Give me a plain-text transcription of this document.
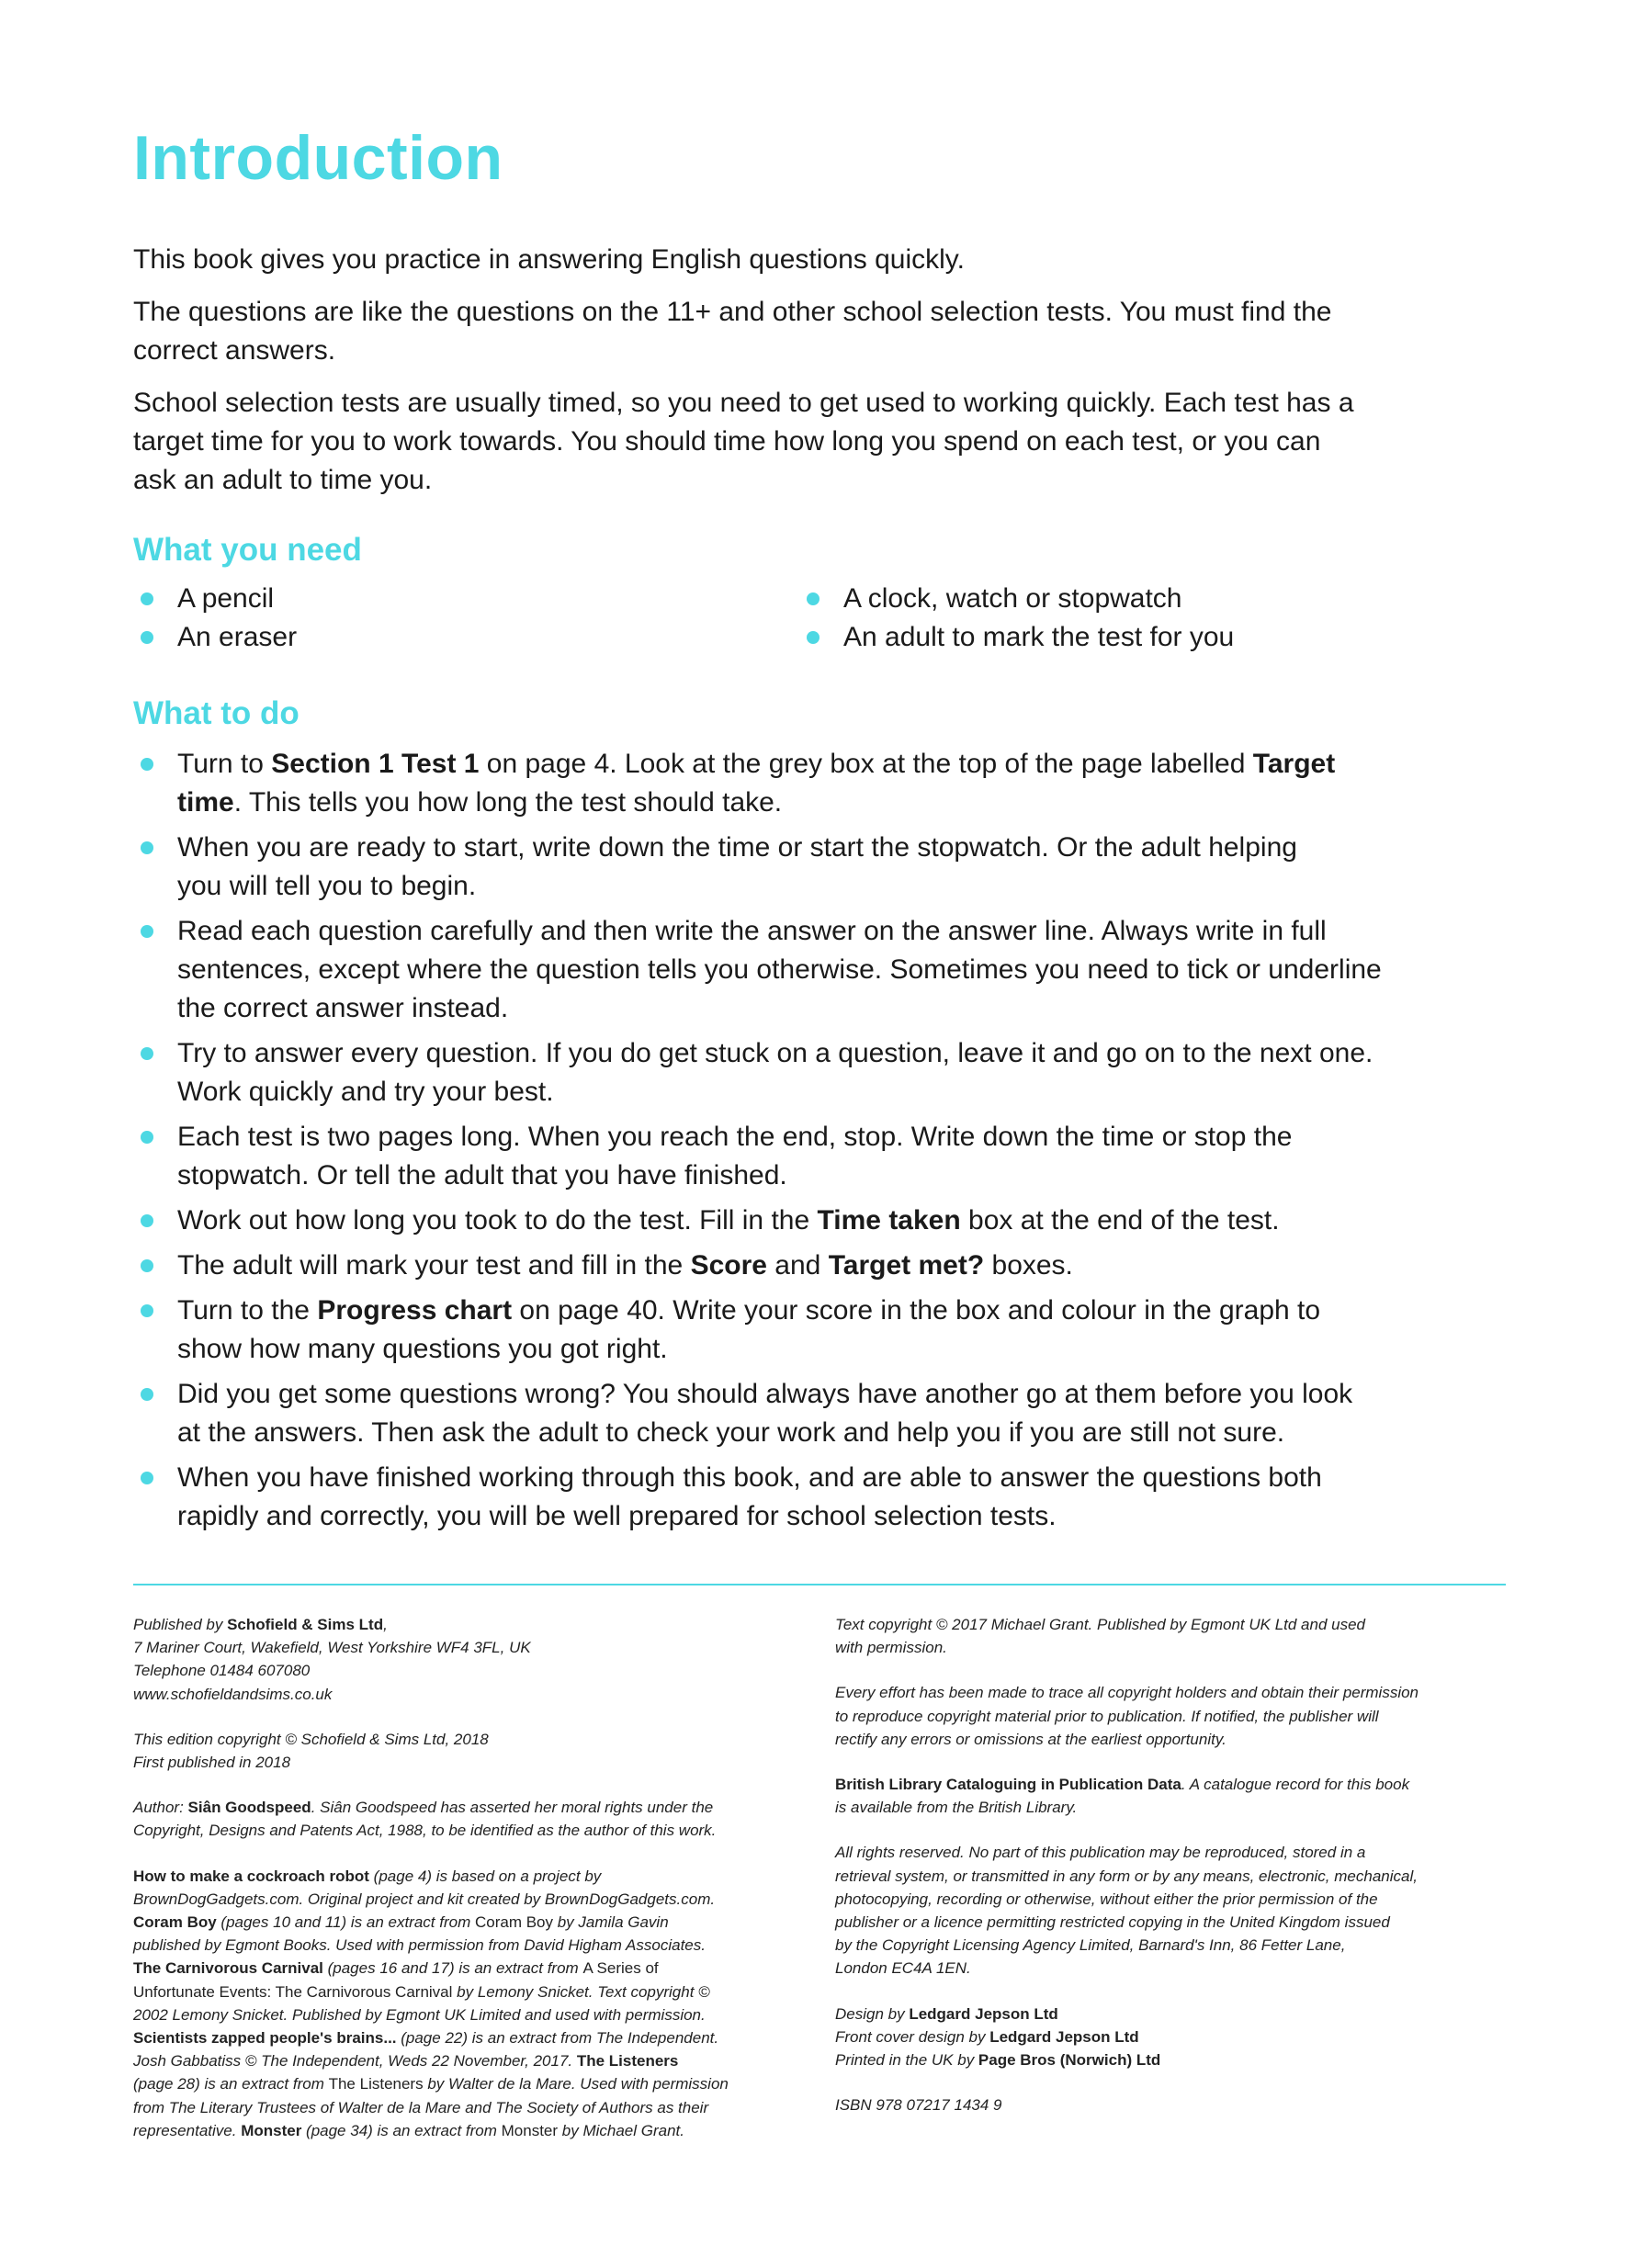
Introduction
This book gives you practice in answering English questions quickly.
The questions are like the questions on the 11+ and other school selection tests. You must find the
correct answers.
School selection tests are usually timed, so you need to get used to working quickly. Each test has a
target time for you to work towards. You should time how long you spend on each test, or you can
ask an adult to time you.
What you need
A pencil
An eraser
A clock, watch or stopwatch
An adult to mark the test for you
What to do
Turn to Section 1 Test 1 on page 4. Look at the grey box at the top of the page labelled Target
time. This tells you how long the test should take.
When you are ready to start, write down the time or start the stopwatch. Or the adult helping
you will tell you to begin.
Read each question carefully and then write the answer on the answer line. Always write in full
sentences, except where the question tells you otherwise. Sometimes you need to tick or underline
the correct answer instead.
Try to answer every question. If you do get stuck on a question, leave it and go on to the next one.
Work quickly and try your best.
Each test is two pages long. When you reach the end, stop. Write down the time or stop the
stopwatch. Or tell the adult that you have finished.
Work out how long you took to do the test. Fill in the Time taken box at the end of the test.
The adult will mark your test and fill in the Score and Target met? boxes.
Turn to the Progress chart on page 40. Write your score in the box and colour in the graph to
show how many questions you got right.
Did you get some questions wrong? You should always have another go at them before you look
at the answers. Then ask the adult to check your work and help you if you are still not sure.
When you have finished working through this book, and are able to answer the questions both
rapidly and correctly, you will be well prepared for school selection tests.
Published by Schofield & Sims Ltd,
7 Mariner Court, Wakefield, West Yorkshire WF4 3FL, UK
Telephone 01484 607080
www.schofieldandsims.co.uk
This edition copyright © Schofield & Sims Ltd, 2018
First published in 2018
Author: Siân Goodspeed. Siân Goodspeed has asserted her moral rights under the
Copyright, Designs and Patents Act, 1988, to be identified as the author of this work.
How to make a cockroach robot (page 4) is based on a project by
BrownDogGadgets.com. Original project and kit created by BrownDogGadgets.com.
Coram Boy (pages 10 and 11) is an extract from Coram Boy by Jamila Gavin
published by Egmont Books. Used with permission from David Higham Associates.
The Carnivorous Carnival (pages 16 and 17) is an extract from A Series of
Unfortunate Events: The Carnivorous Carnival by Lemony Snicket. Text copyright ©
2002 Lemony Snicket. Published by Egmont UK Limited and used with permission.
Scientists zapped people's brains... (page 22) is an extract from The Independent.
Josh Gabbatiss © The Independent, Weds 22 November, 2017. The Listeners
(page 28) is an extract from The Listeners by Walter de la Mare. Used with permission
from The Literary Trustees of Walter de la Mare and The Society of Authors as their
representative. Monster (page 34) is an extract from Monster by Michael Grant.
Text copyright © 2017 Michael Grant. Published by Egmont UK Ltd and used
with permission.
Every effort has been made to trace all copyright holders and obtain their permission
to reproduce copyright material prior to publication. If notified, the publisher will
rectify any errors or omissions at the earliest opportunity.
British Library Cataloguing in Publication Data. A catalogue record for this book
is available from the British Library.
All rights reserved. No part of this publication may be reproduced, stored in a
retrieval system, or transmitted in any form or by any means, electronic, mechanical,
photocopying, recording or otherwise, without either the prior permission of the
publisher or a licence permitting restricted copying in the United Kingdom issued
by the Copyright Licensing Agency Limited, Barnard's Inn, 86 Fetter Lane,
London EC4A 1EN.
Design by Ledgard Jepson Ltd
Front cover design by Ledgard Jepson Ltd
Printed in the UK by Page Bros (Norwich) Ltd
ISBN 978 07217 1434 9
